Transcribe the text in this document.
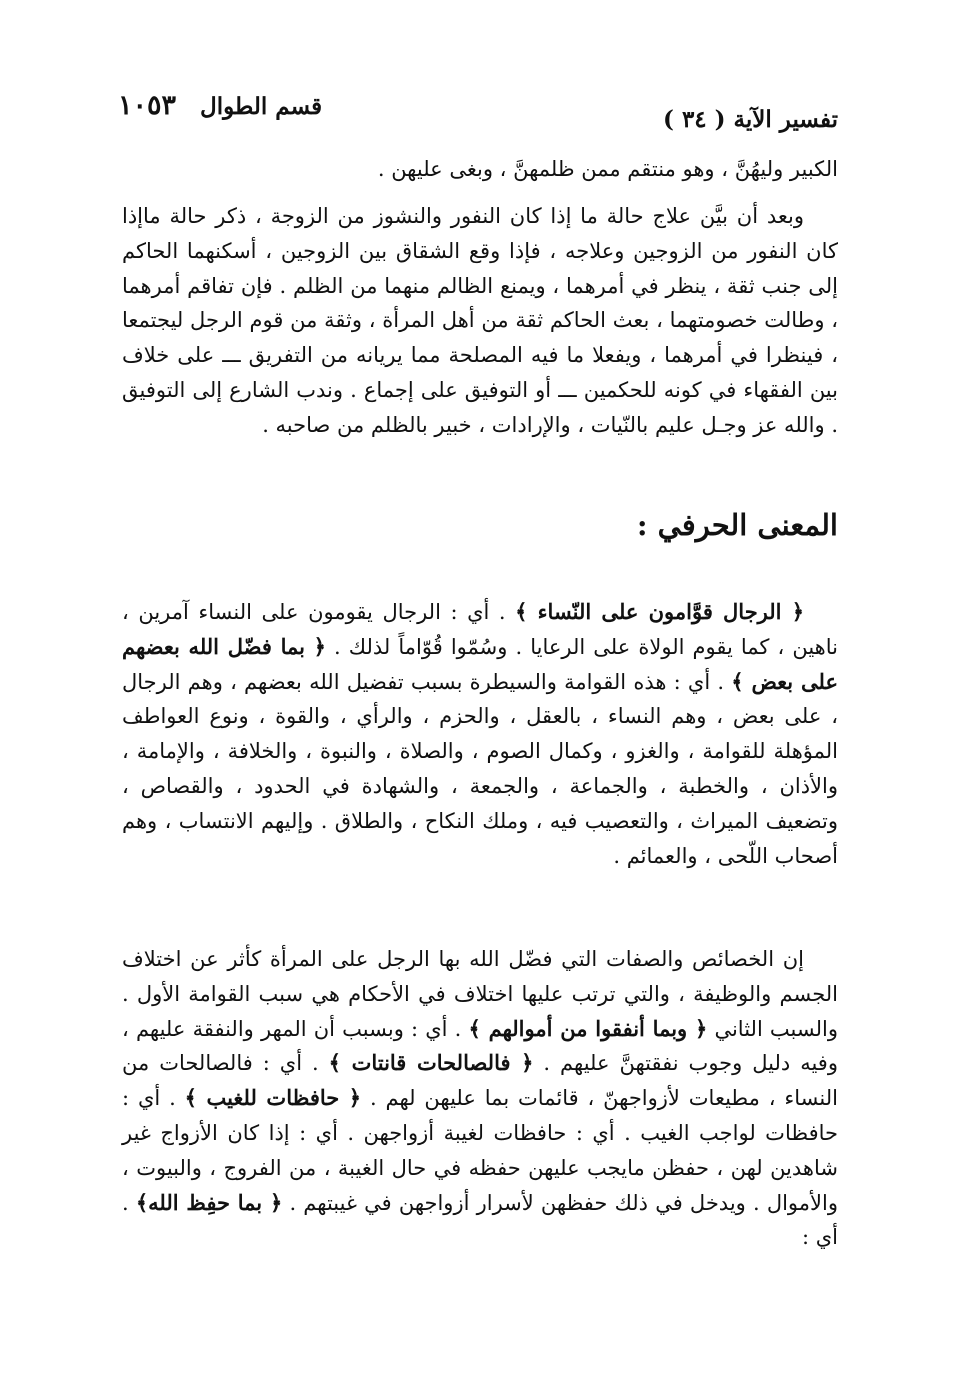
تفسير الآية ( ٣٤ )
قسم الطوال   ١٠٥٣
الكبير وليهُنَّ ، وهو منتقم ممن ظلمهنَّ ، وبغى عليهن .

وبعد أن بيَّن علاج حالة ما إذا كان النفور والنشوز من الزوجة ، ذكر حالة ماإذا كان النفور من الزوجين وعلاجه ، فإذا وقع الشقاق بين الزوجين ، أسكنهما الحاكم إلى جنب ثقة ، ينظر في أمرهما ، ويمنع الظالم منهما من الظلم . فإن تفاقم أمرهما ، وطالت خصومتهما ، بعث الحاكم ثقة من أهل المرأة ، وثقة من قوم الرجل ليجتمعا ، فينظرا في أمرهما ، ويفعلا ما فيه المصلحة مما يريانه من التفريق ـــ على خلاف بين الفقهاء في كونه للحكمين ـــ أو التوفيق على إجماع . وندب الشارع إلى التوفيق . والله عز وجـل عليم بالنّيات ، والإرادات ، خبير بالظلم من صاحبه .

المعنى الحرفي :

﴿ الرجال قوَّامون على النّساء ﴾ . أي : الرجال يقومون على النساء آمرين ، ناهين ، كما يقوم الولاة على الرعايا . وسُمّوا قُوّاماً لذلك . ﴿ بما فضّل الله بعضهم على بعض ﴾ . أي : هذه القوامة والسيطرة بسبب تفضيل الله بعضهم ، وهم الرجال ، على بعض ، وهم النساء ، بالعقل ، والحزم ، والرأي ، والقوة ، ونوع العواطف المؤهلة للقوامة ، والغزو ، وكمال الصوم ، والصلاة ، والنبوة ، والخلافة ، والإمامة ، والأذان ، والخطبة ، والجماعة ، والجمعة ، والشهادة في الحدود ، والقصاص ، وتضعيف الميراث ، والتعصيب فيه ، وملك النكاح ، والطلاق . وإليهم الانتساب ، وهم أصحاب اللّحى ، والعمائم .

إن الخصائص والصفات التي فضّل الله بها الرجل على المرأة كأثر عن اختلاف الجسم والوظيفة ، والتي ترتب عليها اختلاف في الأحكام هي سبب القوامة الأول . والسبب الثاني ﴿ وبما أنفقوا من أموالهم ﴾ . أي : وبسبب أن المهر والنفقة عليهم ، وفيه دليل وجوب نفقتهنَّ عليهم . ﴿ فالصالحات قانتات ﴾ . أي : فالصالحات من النساء ، مطيعات لأزواجهنّ ، قائمات بما عليهن لهم . ﴿ حافظات للغيب ﴾ . أي : حافظات لواجب الغيب . أي : حافظات لغيبة أزواجهن . أي : إذا كان الأزواج غير شاهدين لهن ، حفظن مايجب عليهن حفظه في حال الغيبة ، من الفروج ، والبيوت ، والأموال . ويدخل في ذلك حفظهن لأسرار أزواجهن في غيبتهم . ﴿ بما حفِظ الله﴾ . أي :
